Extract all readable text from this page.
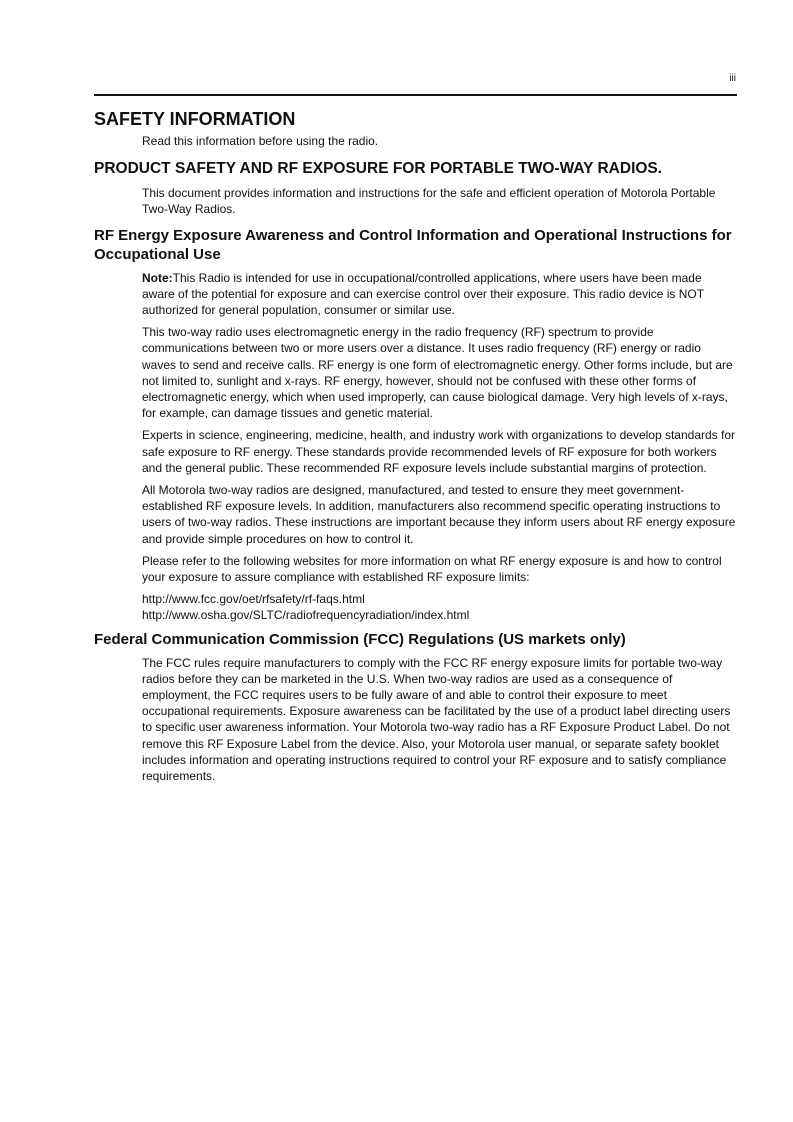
iii
SAFETY INFORMATION

Read this information before using the radio.

PRODUCT SAFETY AND RF EXPOSURE FOR PORTABLE TWO-WAY RADIOS.

This document provides information and instructions for the safe and efficient operation of Motorola Portable Two-Way Radios.

RF Energy Exposure Awareness and Control Information and Operational Instructions for Occupational Use

Note:This Radio is intended for use in occupational/controlled applications, where users have been made aware of the potential for exposure and can exercise control over their exposure. This radio device is NOT authorized for general population, consumer or similar use.

This two-way radio uses electromagnetic energy in the radio frequency (RF) spectrum to provide communications between two or more users over a distance. It uses radio frequency (RF) energy or radio waves to send and receive calls. RF energy is one form of electromagnetic energy. Other forms include, but are not limited to, sunlight and x-rays. RF energy, however, should not be confused with these other forms of electromagnetic energy, which when used improperly, can cause biological damage. Very high levels of x-rays, for example, can damage tissues and genetic material.

Experts in science, engineering, medicine, health, and industry work with organizations to develop standards for safe exposure to RF energy. These standards provide recommended levels of RF exposure for both workers and the general public. These recommended RF exposure levels include substantial margins of protection.

All Motorola two-way radios are designed, manufactured, and tested to ensure they meet government-established RF exposure levels. In addition, manufacturers also recommend specific operating instructions to users of two-way radios. These instructions are important because they inform users about RF energy exposure and provide simple procedures on how to control it.

Please refer to the following websites for more information on what RF energy exposure is and how to control your exposure to assure compliance with established RF exposure limits:

http://www.fcc.gov/oet/rfsafety/rf-faqs.html
http://www.osha.gov/SLTC/radiofrequencyradiation/index.html
Federal Communication Commission (FCC) Regulations (US markets only)

The FCC rules require manufacturers to comply with the FCC RF energy exposure limits for portable two-way radios before they can be marketed in the U.S. When two-way radios are used as a consequence of employment, the FCC requires users to be fully aware of and able to control their exposure to meet occupational requirements. Exposure awareness can be facilitated by the use of a product label directing users to specific user awareness information. Your Motorola two-way radio has a RF Exposure Product Label. Do not remove this RF Exposure Label from the device. Also, your Motorola user manual, or separate safety booklet includes information and operating instructions required to control your RF exposure and to satisfy compliance requirements.
